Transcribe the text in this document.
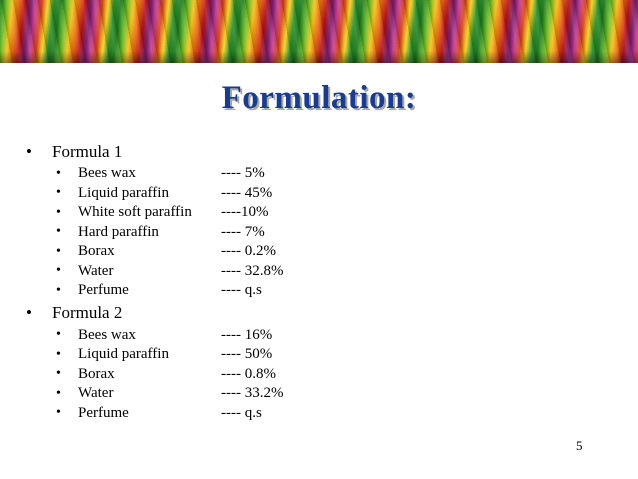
Formulation:
•	Formula 1
•	Bees wax	---- 5%
•	Liquid paraffin	---- 45%
•	White soft paraffin	----10%
•	Hard paraffin	---- 7%
•	Borax	---- 0.2%
•	Water	---- 32.8%
•	Perfume	---- q.s
•	Formula 2
•	Bees wax	---- 16%
•	Liquid paraffin	---- 50%
•	Borax	---- 0.8%
•	Water	---- 33.2%
•	Perfume	---- q.s
5
